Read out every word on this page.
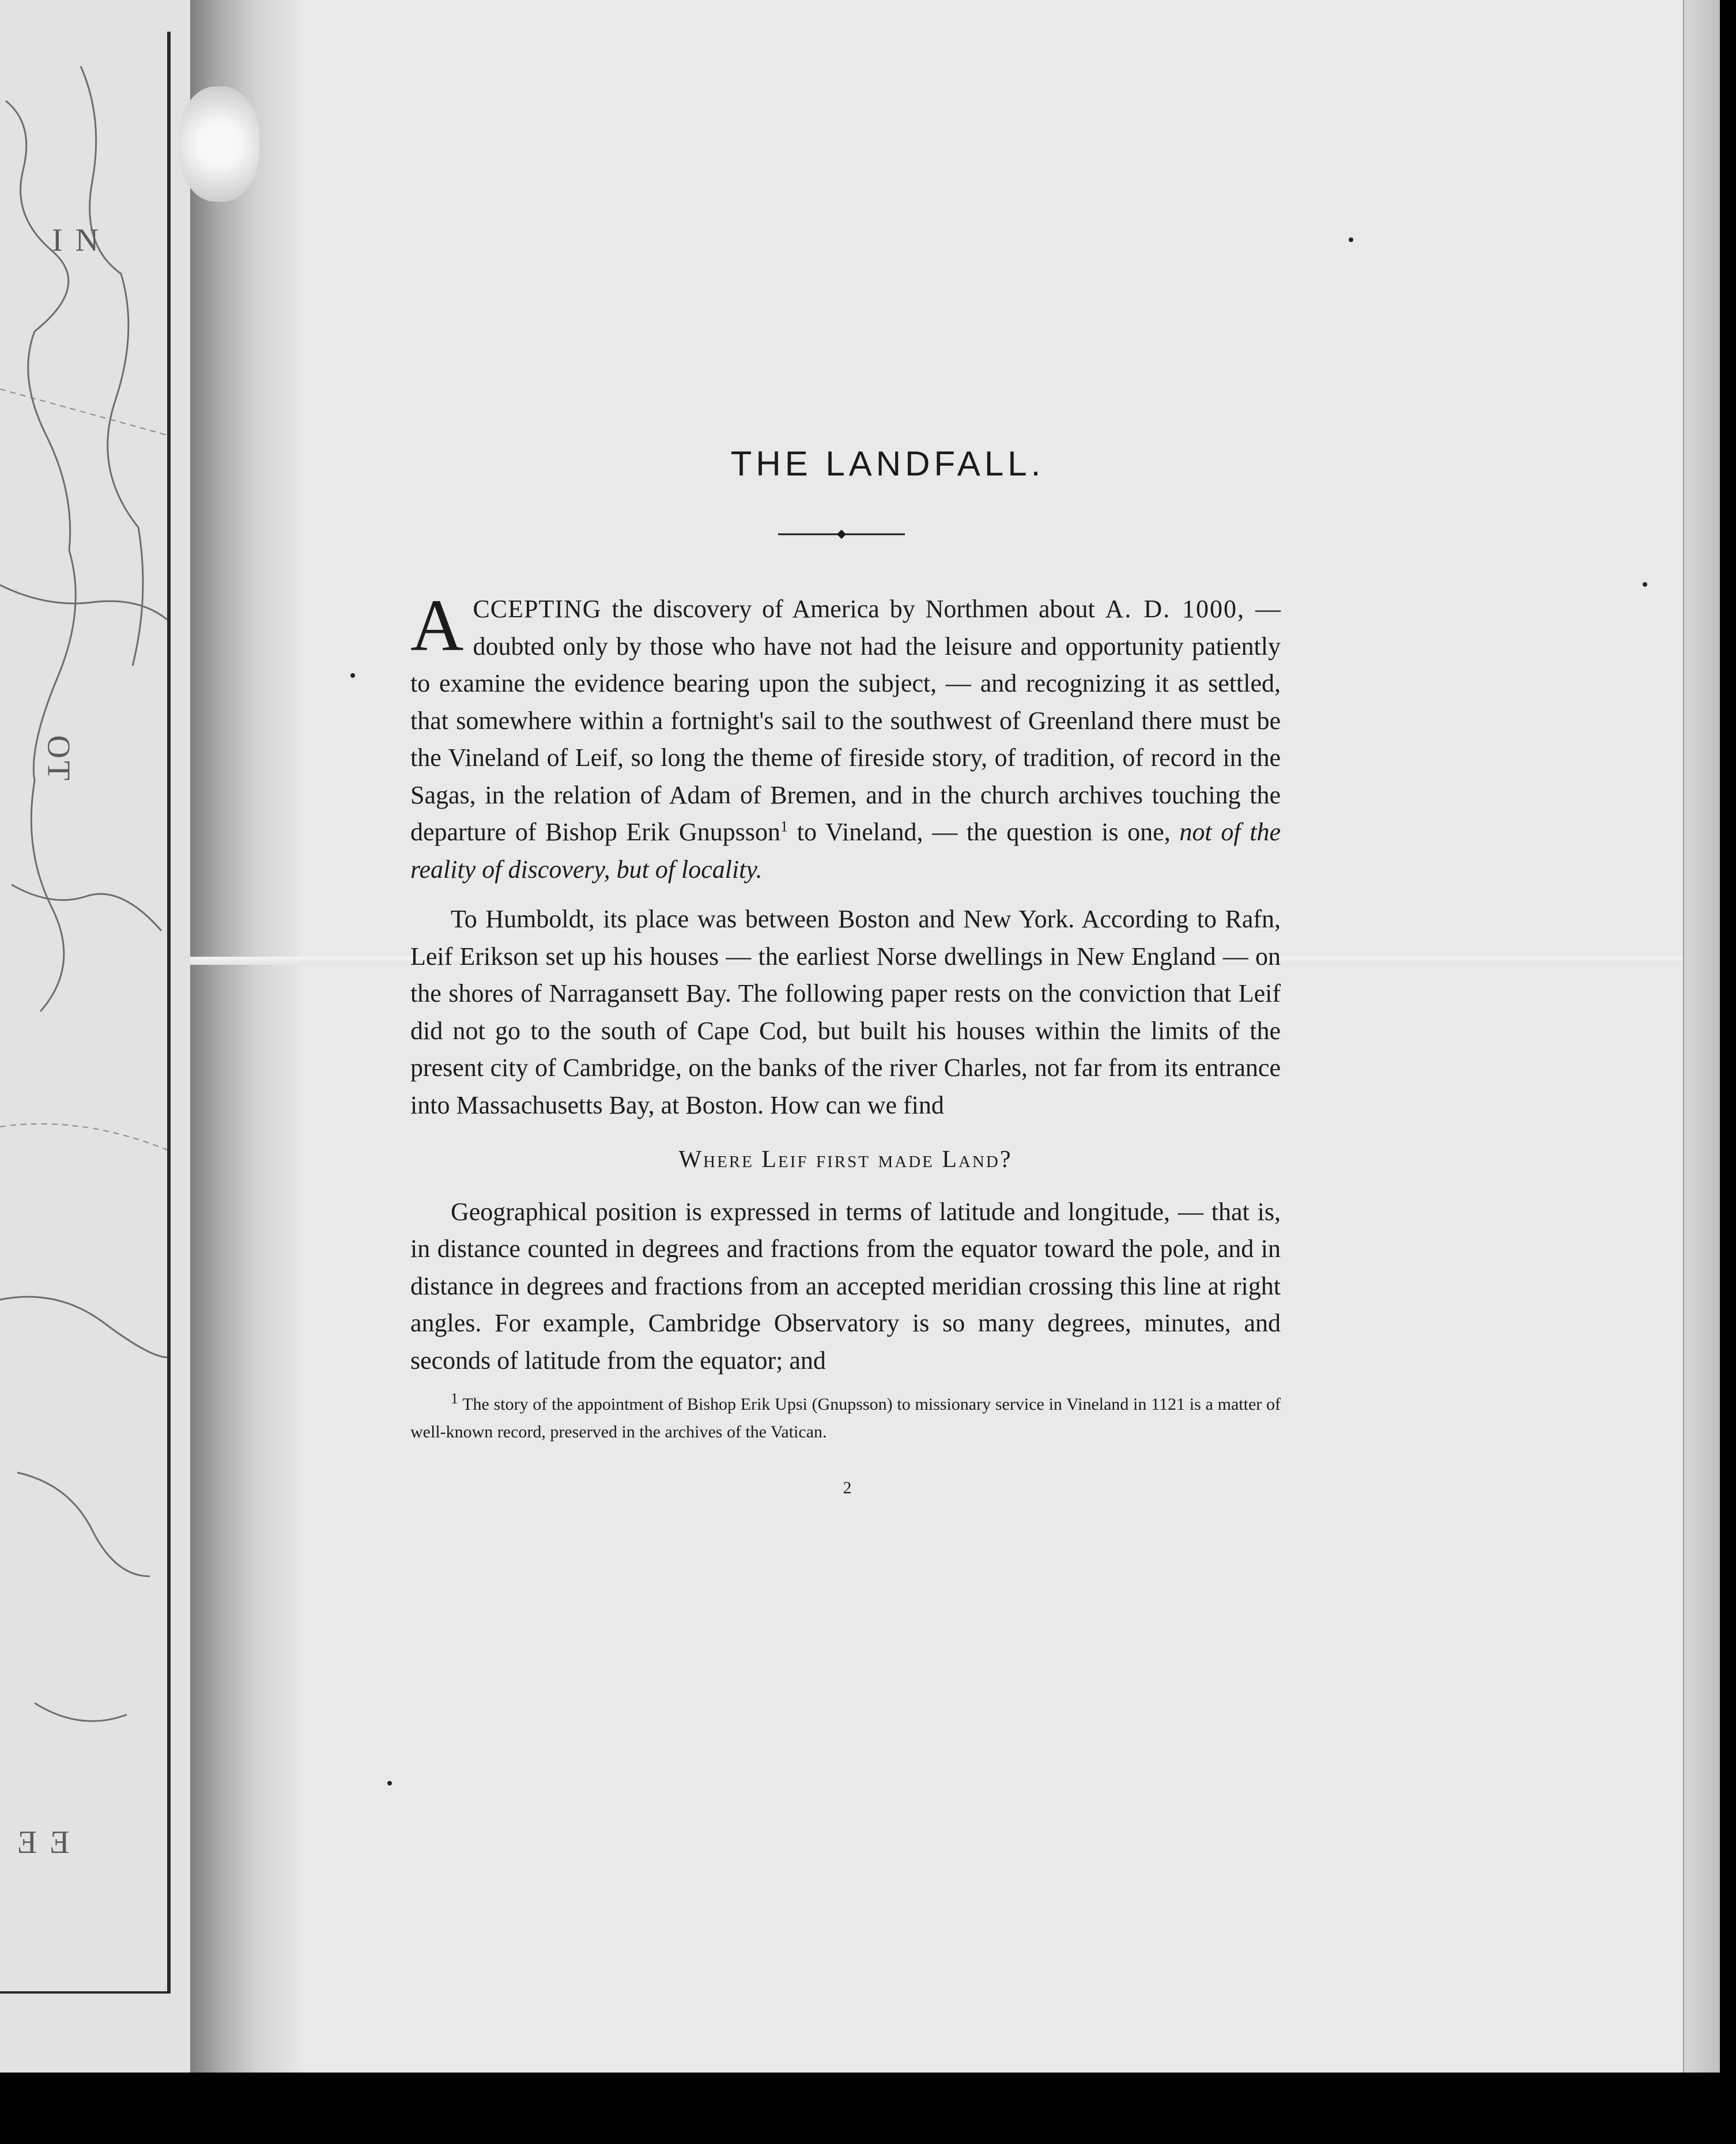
Ι Ν
ΟΤ
Ǝ Ǝ
THE LANDFALL.

ACCEPTING the discovery of America by Northmen about A. D. 1000, — doubted only by those who have not had the leisure and opportunity patiently to examine the evidence bearing upon the subject, — and recognizing it as settled, that somewhere within a fortnight's sail to the southwest of Greenland there must be the Vineland of Leif, so long the theme of fireside story, of tradition, of record in the Sagas, in the relation of Adam of Bremen, and in the church archives touching the departure of Bishop Erik Gnupsson$^1$ to Vineland, — the question is one, not of the reality of discovery, but of locality.

To Humboldt, its place was between Boston and New York. According to Rafn, Leif Erikson set up his houses — the earliest Norse dwellings in New England — on the shores of Narragansett Bay. The following paper rests on the conviction that Leif did not go to the south of Cape Cod, but built his houses within the limits of the present city of Cambridge, on the banks of the river Charles, not far from its entrance into Massachusetts Bay, at Boston. How can we find

Where Leif first made Land?

Geographical position is expressed in terms of latitude and longitude, — that is, in distance counted in degrees and fractions from the equator toward the pole, and in distance in degrees and fractions from an accepted meridian crossing this line at right angles. For example, Cambridge Observatory is so many degrees, minutes, and seconds of latitude from the equator; and

$^1$ The story of the appointment of Bishop Erik Upsi (Gnupsson) to missionary service in Vineland in 1121 is a matter of well-known record, preserved in the archives of the Vatican.

2
